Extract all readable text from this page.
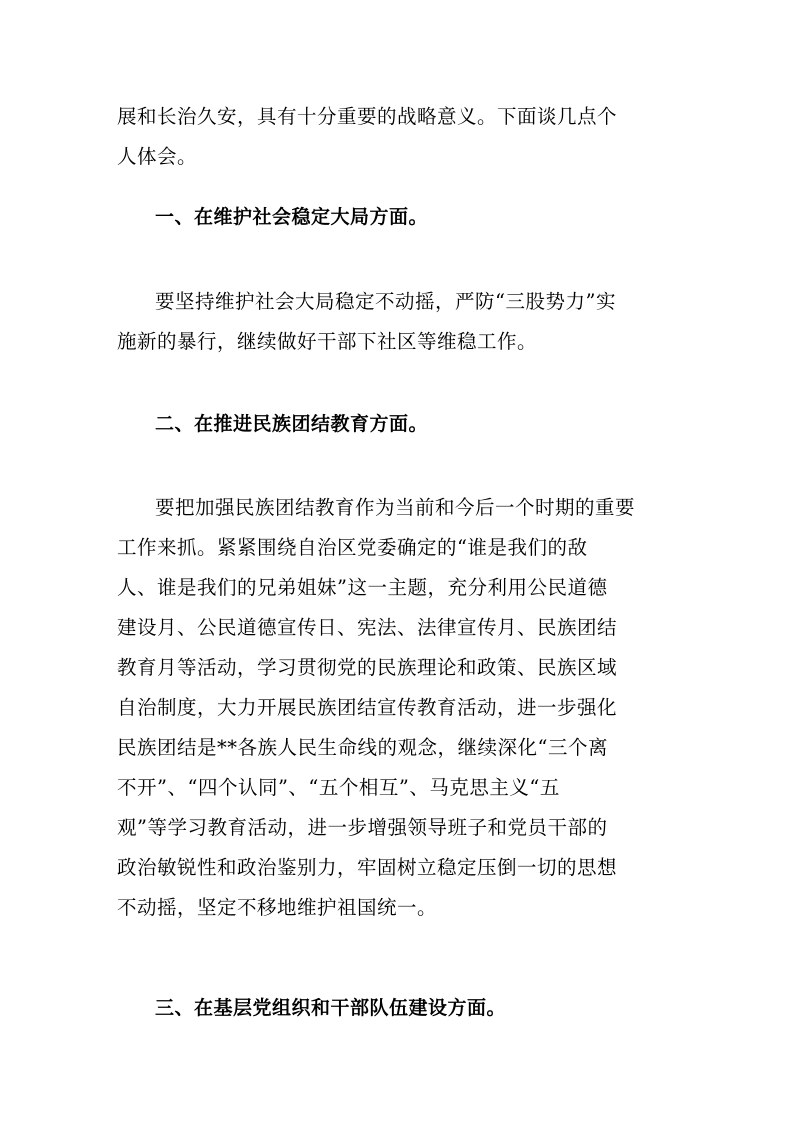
展和长治久安，具有十分重要的战略意义。下面谈几点个
人体会。
一、在维护社会稳定大局方面。
要坚持维护社会大局稳定不动摇，严防“三股势力”实
施新的暴行，继续做好干部下社区等维稳工作。
二、在推进民族团结教育方面。
要把加强民族团结教育作为当前和今后一个时期的重要
工作来抓。紧紧围绕自治区党委确定的“谁是我们的敌
人、谁是我们的兄弟姐妹”这一主题，充分利用公民道德
建设月、公民道德宣传日、宪法、法律宣传月、民族团结
教育月等活动，学习贯彻党的民族理论和政策、民族区域
自治制度，大力开展民族团结宣传教育活动，进一步强化
民族团结是**各族人民生命线的观念，继续深化“三个离
不开”、“四个认同”、“五个相互”、马克思主义“五
观”等学习教育活动，进一步增强领导班子和党员干部的
政治敏锐性和政治鉴别力，牢固树立稳定压倒一切的思想
不动摇，坚定不移地维护祖国统一。
三、在基层党组织和干部队伍建设方面。
